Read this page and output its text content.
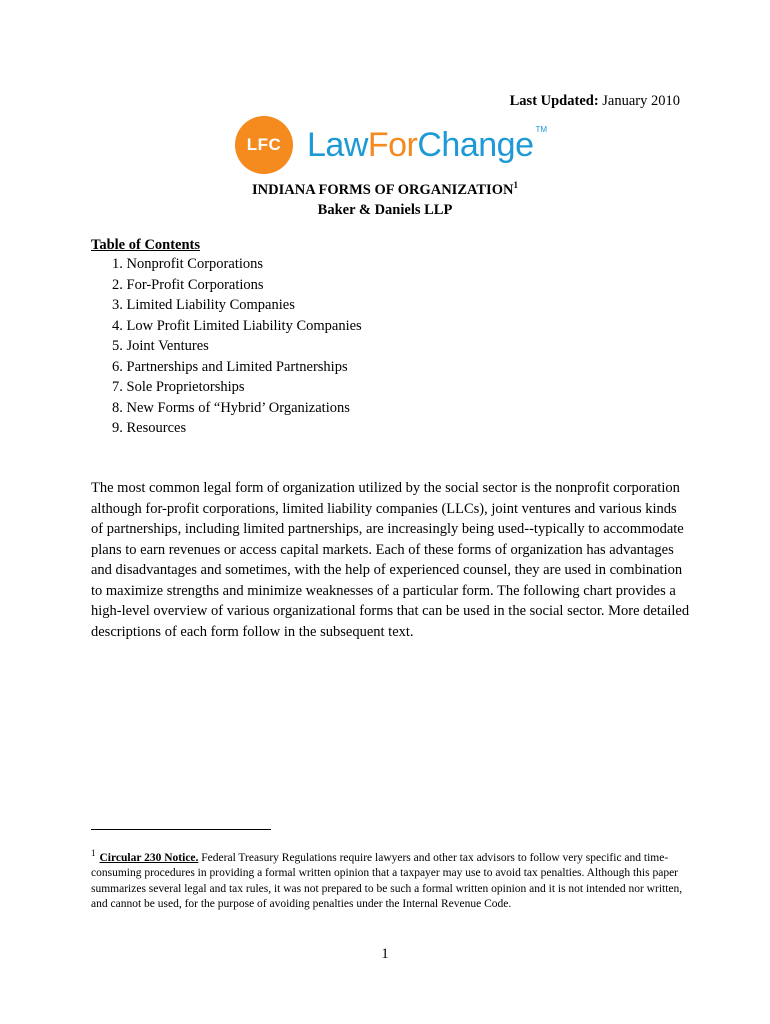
Last Updated: January 2010
LFC LawForChange TM
INDIANA FORMS OF ORGANIZATION$^1$
Baker & Daniels LLP
Table of Contents
1. Nonprofit Corporations
2. For-Profit Corporations
3. Limited Liability Companies
4. Low Profit Limited Liability Companies
5. Joint Ventures
6. Partnerships and Limited Partnerships
7. Sole Proprietorships
8. New Forms of “Hybrid’ Organizations
9. Resources

The most common legal form of organization utilized by the social sector is the nonprofit corporation although for-profit corporations, limited liability companies (LLCs), joint ventures and various kinds of partnerships, including limited partnerships, are increasingly being used--typically to accommodate plans to earn revenues or access capital markets. Each of these forms of organization has advantages and disadvantages and sometimes, with the help of experienced counsel, they are used in combination to maximize strengths and minimize weaknesses of a particular form. The following chart provides a high-level overview of various organizational forms that can be used in the social sector. More detailed descriptions of each form follow in the subsequent text.

$^1$ Circular 230 Notice. Federal Treasury Regulations require lawyers and other tax advisors to follow very specific and time-consuming procedures in providing a formal written opinion that a taxpayer may use to avoid tax penalties. Although this paper summarizes several legal and tax rules, it was not prepared to be such a formal written opinion and it is not intended nor written, and cannot be used, for the purpose of avoiding penalties under the Internal Revenue Code.

1
